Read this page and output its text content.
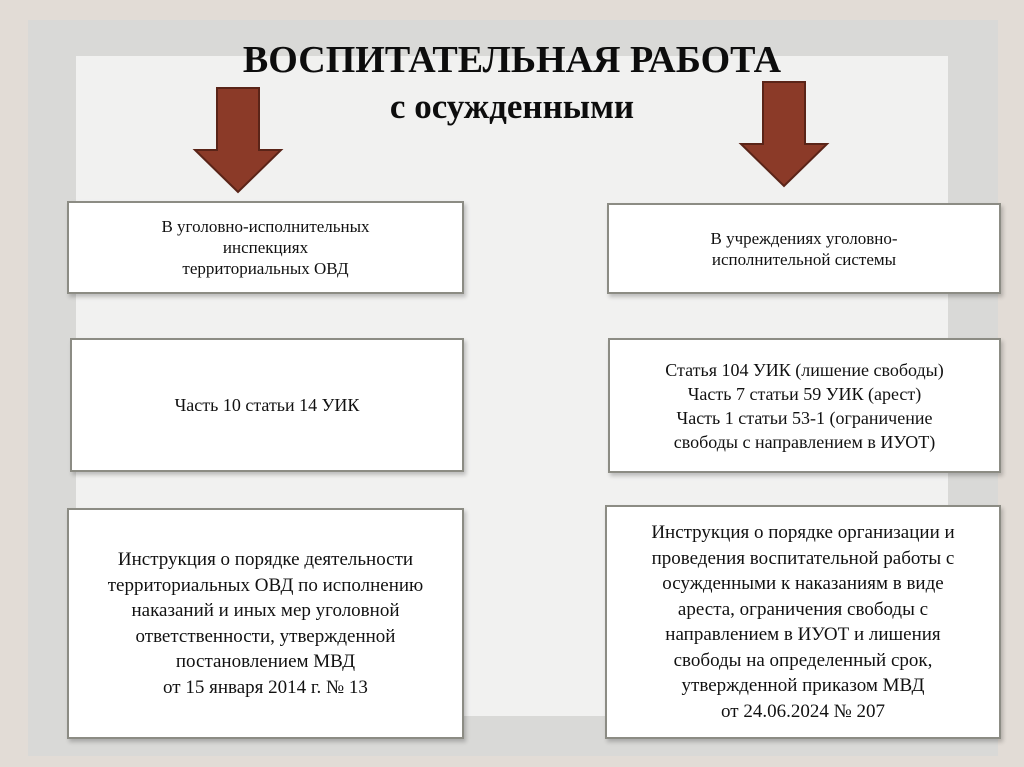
ВОСПИТАТЕЛЬНАЯ РАБОТА
с осужденными
В уголовно-исполнительных
инспекциях
территориальных ОВД
В учреждениях уголовно-
исполнительной системы
Часть 10 статьи 14 УИК
Статья 104 УИК (лишение свободы)
Часть 7 статьи 59 УИК (арест)
Часть 1 статьи 53-1 (ограничение
свободы с направлением в ИУОТ)
Инструкция о порядке деятельности
территориальных ОВД по исполнению
наказаний и иных мер уголовной
ответственности, утвержденной
постановлением МВД
от 15 января 2014 г. № 13
Инструкция о порядке организации и
проведения воспитательной работы с
осужденными к наказаниям в виде
ареста, ограничения свободы с
направлением в ИУОТ и лишения
свободы на определенный срок,
утвержденной приказом МВД
от 24.06.2024 № 207
